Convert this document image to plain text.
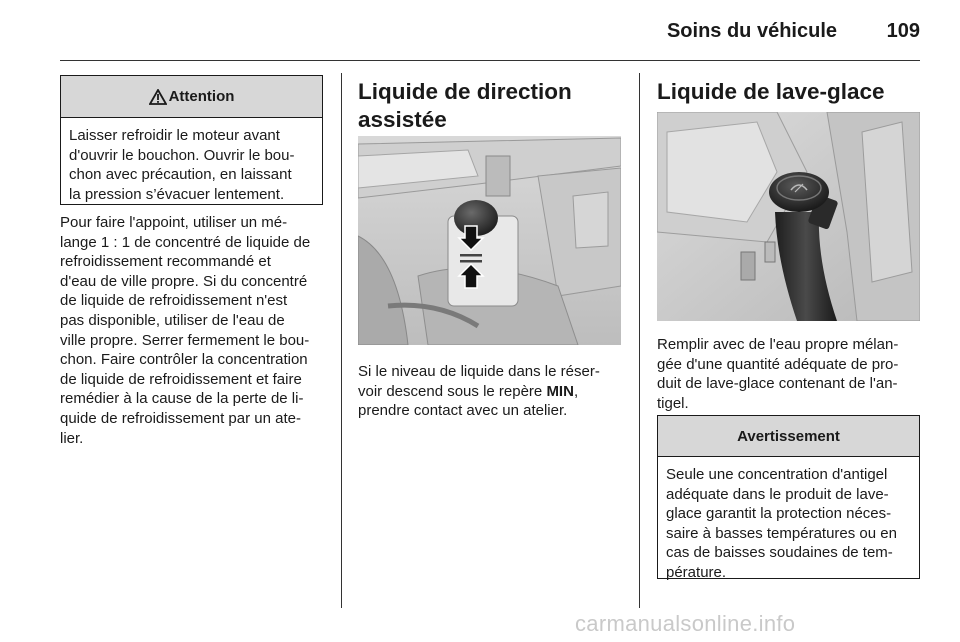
Soins du véhicule 109
Attention
Laisser refroidir le moteur avant
d'ouvrir le bouchon. Ouvrir le bou-
chon avec précaution, en laissant
la pression s’évacuer lentement.
Pour faire l'appoint, utiliser un mé-
lange 1 : 1 de concentré de liquide de
refroidissement recommandé et
d'eau de ville propre. Si du concentré
de liquide de refroidissement n'est
pas disponible, utiliser de l'eau de
ville propre. Serrer fermement le bou-
chon. Faire contrôler la concentration
de liquide de refroidissement et faire
remédier à la cause de la perte de li-
quide de refroidissement par un ate-
lier.
Liquide de direction
assistée
Si le niveau de liquide dans le réser-
voir descend sous le repère MIN,
prendre contact avec un atelier.
Liquide de lave-glace
Remplir avec de l'eau propre mélan-
gée d'une quantité adéquate de pro-
duit de lave-glace contenant de l'an-
tigel.
Avertissement
Seule une concentration d'antigel
adéquate dans le produit de lave-
glace garantit la protection néces-
saire à basses températures ou en
cas de baisses soudaines de tem-
pérature.
carmanualsonline.info
